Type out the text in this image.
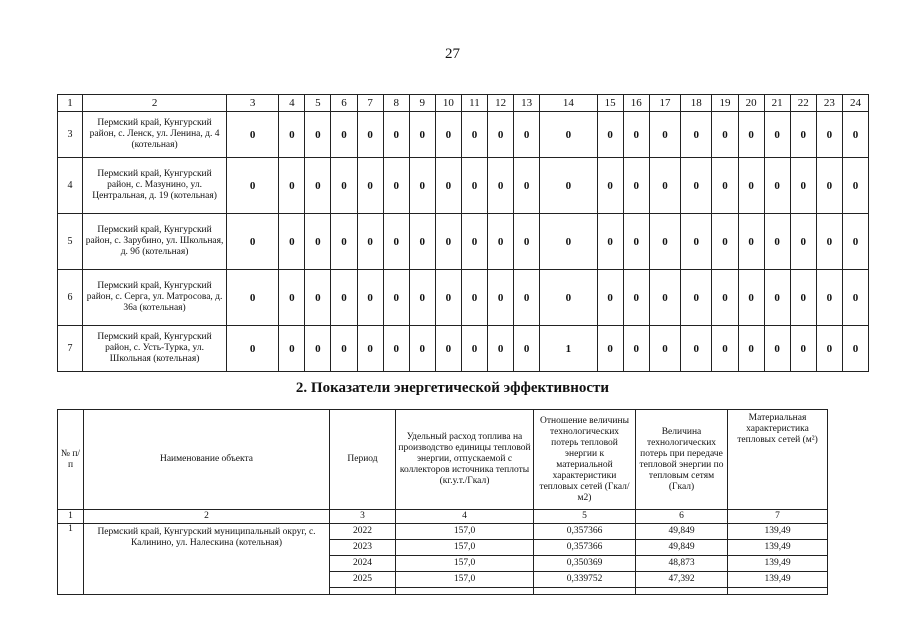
27
1	2	3	4	5	6	7	8	9	10	11	12	13	14	15	16	17	18	19	20	21	22	23	24
3	Пермский край, Кунгурский район, с. Ленск, ул. Ленина, д. 4 (котельная)	0	0	0	0	0	0	0	0	0	0	0	0	0	0	0	0	0	0	0	0	0	0
4	Пермский край, Кунгурский район, с. Мазунино, ул. Центральная, д. 19 (котельная)	0	0	0	0	0	0	0	0	0	0	0	0	0	0	0	0	0	0	0	0	0	0
5	Пермский край, Кунгурский район, с. Зарубино, ул. Школьная, д. 9б (котельная)	0	0	0	0	0	0	0	0	0	0	0	0	0	0	0	0	0	0	0	0	0	0
6	Пермский край, Кунгурский район, с. Серга, ул. Матросова, д. 36а (котельная)	0	0	0	0	0	0	0	0	0	0	0	0	0	0	0	0	0	0	0	0	0	0
7	Пермский край, Кунгурский район, с. Усть-Турка, ул. Школьная (котельная)	0	0	0	0	0	0	0	0	0	0	0	1	0	0	0	0	0	0	0	0	0	0
2. Показатели энергетической эффективности
№ п/п	Наименование объекта	Период	Удельный расход топлива на производство единицы тепловой энергии, отпускаемой с коллекторов источника теплоты (кг.у.т./Гкал)	Отношение величины технологических потерь тепловой энергии к материальной характеристики тепловых сетей (Гкал/м2)	Величина технологических потерь при передаче тепловой энергии по тепловым сетям (Гкал)	Материальная характеристика тепловых сетей (м²)
1	2	3	4	5	6	7
1	Пермский край, Кунгурский муниципальный округ, с. Калинино, ул. Налескина (котельная)	2022	157,0	0,357366	49,849	139,49
		2023	157,0	0,357366	49,849	139,49
		2024	157,0	0,350369	48,873	139,49
		2025	157,0	0,339752	47,392	139,49
